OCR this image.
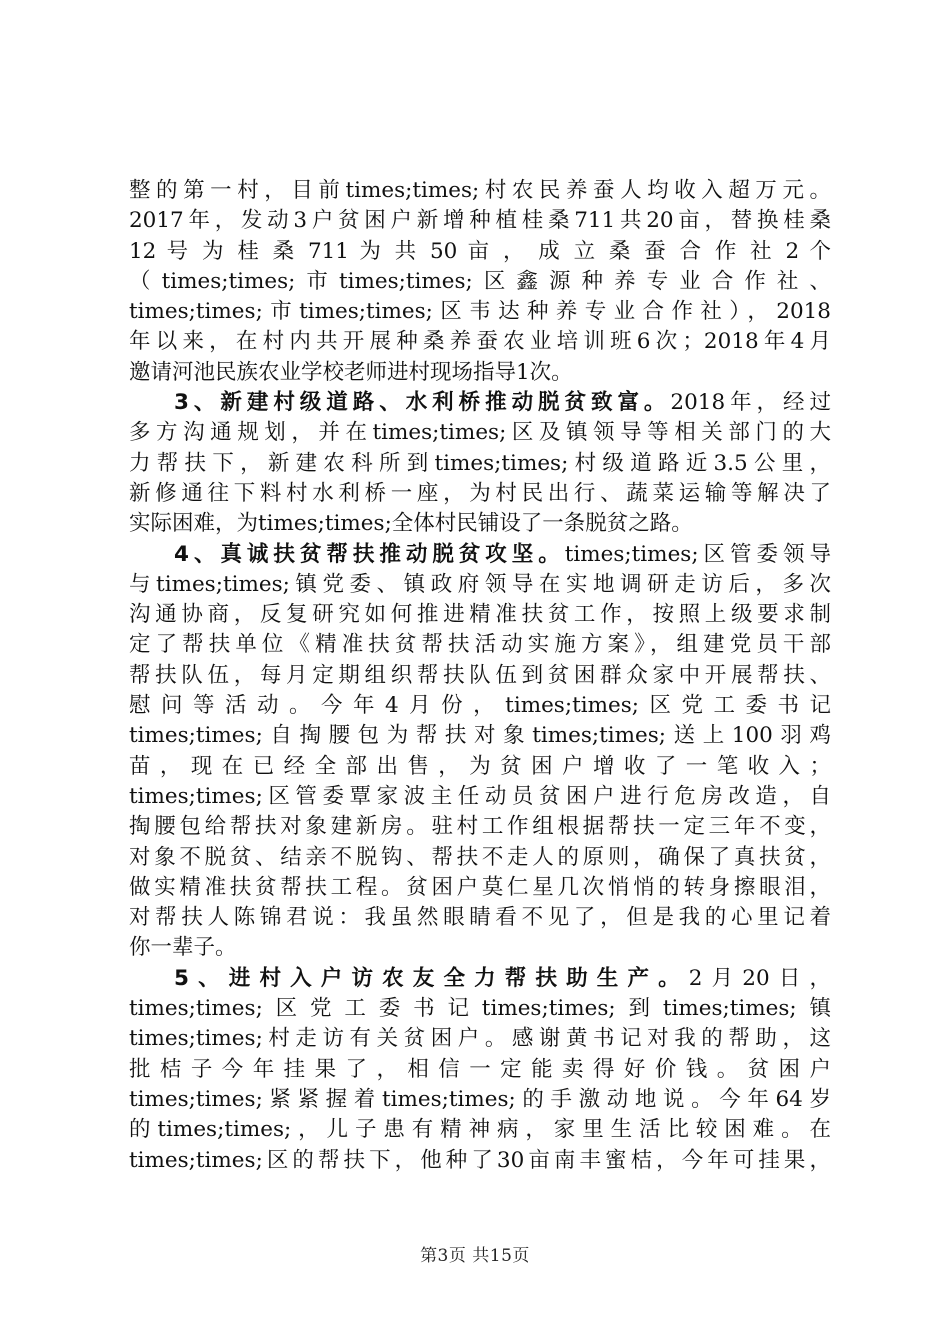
整的第一村，目前times;times;村农民养蚕人均收入超万元。
2017年，发动3户贫困户新增种植桂桑711共20亩，替换桂桑
12 号 为 桂 桑 711 为 共 50 亩 ， 成 立 桑 蚕 合 作 社 2 个
（times;times;市times;times;区鑫源种养专业合作社、
times;times;市times;times;区韦达种养专业合作社），2018
年以来，在村内共开展种桑养蚕农业培训班6次；2018年4月
邀请河池民族农业学校老师进村现场指导1次。
3、新建村级道路、水利桥推动脱贫致富。2018年，经过
多方沟通规划，并在times;times;区及镇领导等相关部门的大
力帮扶下，新建农科所到times;times;村级道路近3.5公里，
新修通往下料村水利桥一座，为村民出行、蔬菜运输等解决了
实际困难，为times;times;全体村民铺设了一条脱贫之路。
4、真诚扶贫帮扶推动脱贫攻坚。times;times;区管委领导
与times;times;镇党委、镇政府领导在实地调研走访后，多次
沟通协商，反复研究如何推进精准扶贫工作，按照上级要求制
定了帮扶单位《精准扶贫帮扶活动实施方案》，组建党员干部
帮扶队伍，每月定期组织帮扶队伍到贫困群众家中开展帮扶、
慰问等活动。今年4月份，times;times;区党工委书记
times;times;自掏腰包为帮扶对象times;times;送上100羽鸡
苗，现在已经全部出售，为贫困户增收了一笔收入；
times;times;区管委覃家波主任动员贫困户进行危房改造，自
掏腰包给帮扶对象建新房。驻村工作组根据帮扶一定三年不变，
对象不脱贫、结亲不脱钩、帮扶不走人的原则，确保了真扶贫，
做实精准扶贫帮扶工程。贫困户莫仁星几次悄悄的转身擦眼泪，
对帮扶人陈锦君说：我虽然眼睛看不见了，但是我的心里记着
你一辈子。
5、进村入户访农友全力帮扶助生产。2月20日，
times;times;区党工委书记times;times;到times;times;镇
times;times;村走访有关贫困户。感谢黄书记对我的帮助，这
批桔子今年挂果了，相信一定能卖得好价钱。贫困户
times;times;紧紧握着times;times;的手激动地说。今年64岁
的times;times;，儿子患有精神病，家里生活比较困难。在
times;times;区的帮扶下，他种了30亩南丰蜜桔，今年可挂果，
第3页 共15页
